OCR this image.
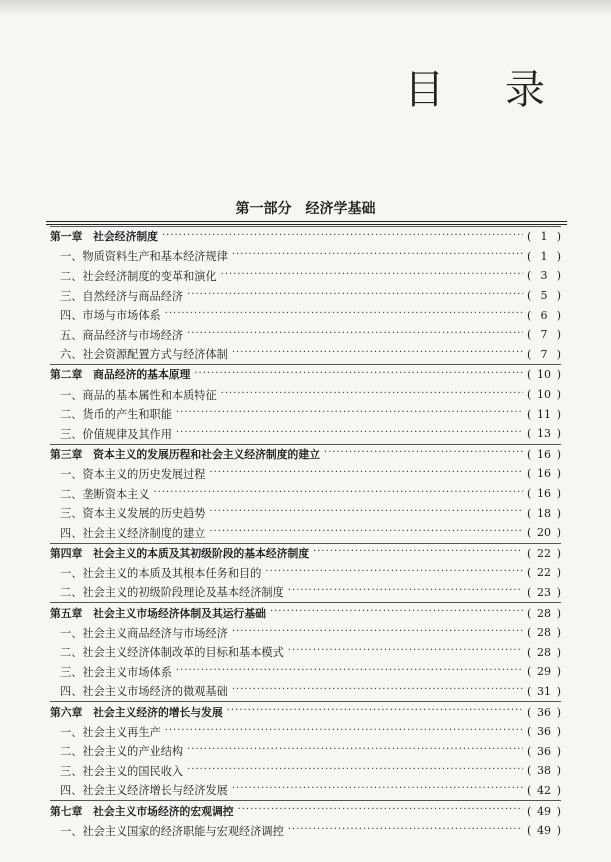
目 录
第一部分　经济学基础
第一章　社会经济制度 ·····	( 1 )
一、物质资料生产和基本经济规律 ·····	( 1 )
二、社会经济制度的变革和演化 ·····	( 3 )
三、自然经济与商品经济 ·····	( 5 )
四、市场与市场体系 ·····	( 6 )
五、商品经济与市场经济 ·····	( 7 )
六、社会资源配置方式与经济体制 ·····	( 7 )
第二章　商品经济的基本原理 ·····	( 10 )
一、商品的基本属性和本质特征 ·····	( 10 )
二、货币的产生和职能 ·····	( 11 )
三、价值规律及其作用 ·····	( 13 )
第三章　资本主义的发展历程和社会主义经济制度的建立 ·····	( 16 )
一、资本主义的历史发展过程 ·····	( 16 )
二、垄断资本主义 ·····	( 16 )
三、资本主义发展的历史趋势 ·····	( 18 )
四、社会主义经济制度的建立 ·····	( 20 )
第四章　社会主义的本质及其初级阶段的基本经济制度 ·····	( 22 )
一、社会主义的本质及其根本任务和目的 ·····	( 22 )
二、社会主义的初级阶段理论及基本经济制度 ·····	( 23 )
第五章　社会主义市场经济体制及其运行基础 ·····	( 28 )
一、社会主义商品经济与市场经济 ·····	( 28 )
二、社会主义经济体制改革的目标和基本模式 ·····	( 28 )
三、社会主义市场体系 ·····	( 29 )
四、社会主义市场经济的微观基础 ·····	( 31 )
第六章　社会主义经济的增长与发展 ·····	( 36 )
一、社会主义再生产 ·····	( 36 )
二、社会主义的产业结构 ·····	( 36 )
三、社会主义的国民收入 ·····	( 38 )
四、社会主义经济增长与经济发展 ·····	( 42 )
第七章　社会主义市场经济的宏观调控 ·····	( 49 )
一、社会主义国家的经济职能与宏观经济调控 ·····	( 49 )
